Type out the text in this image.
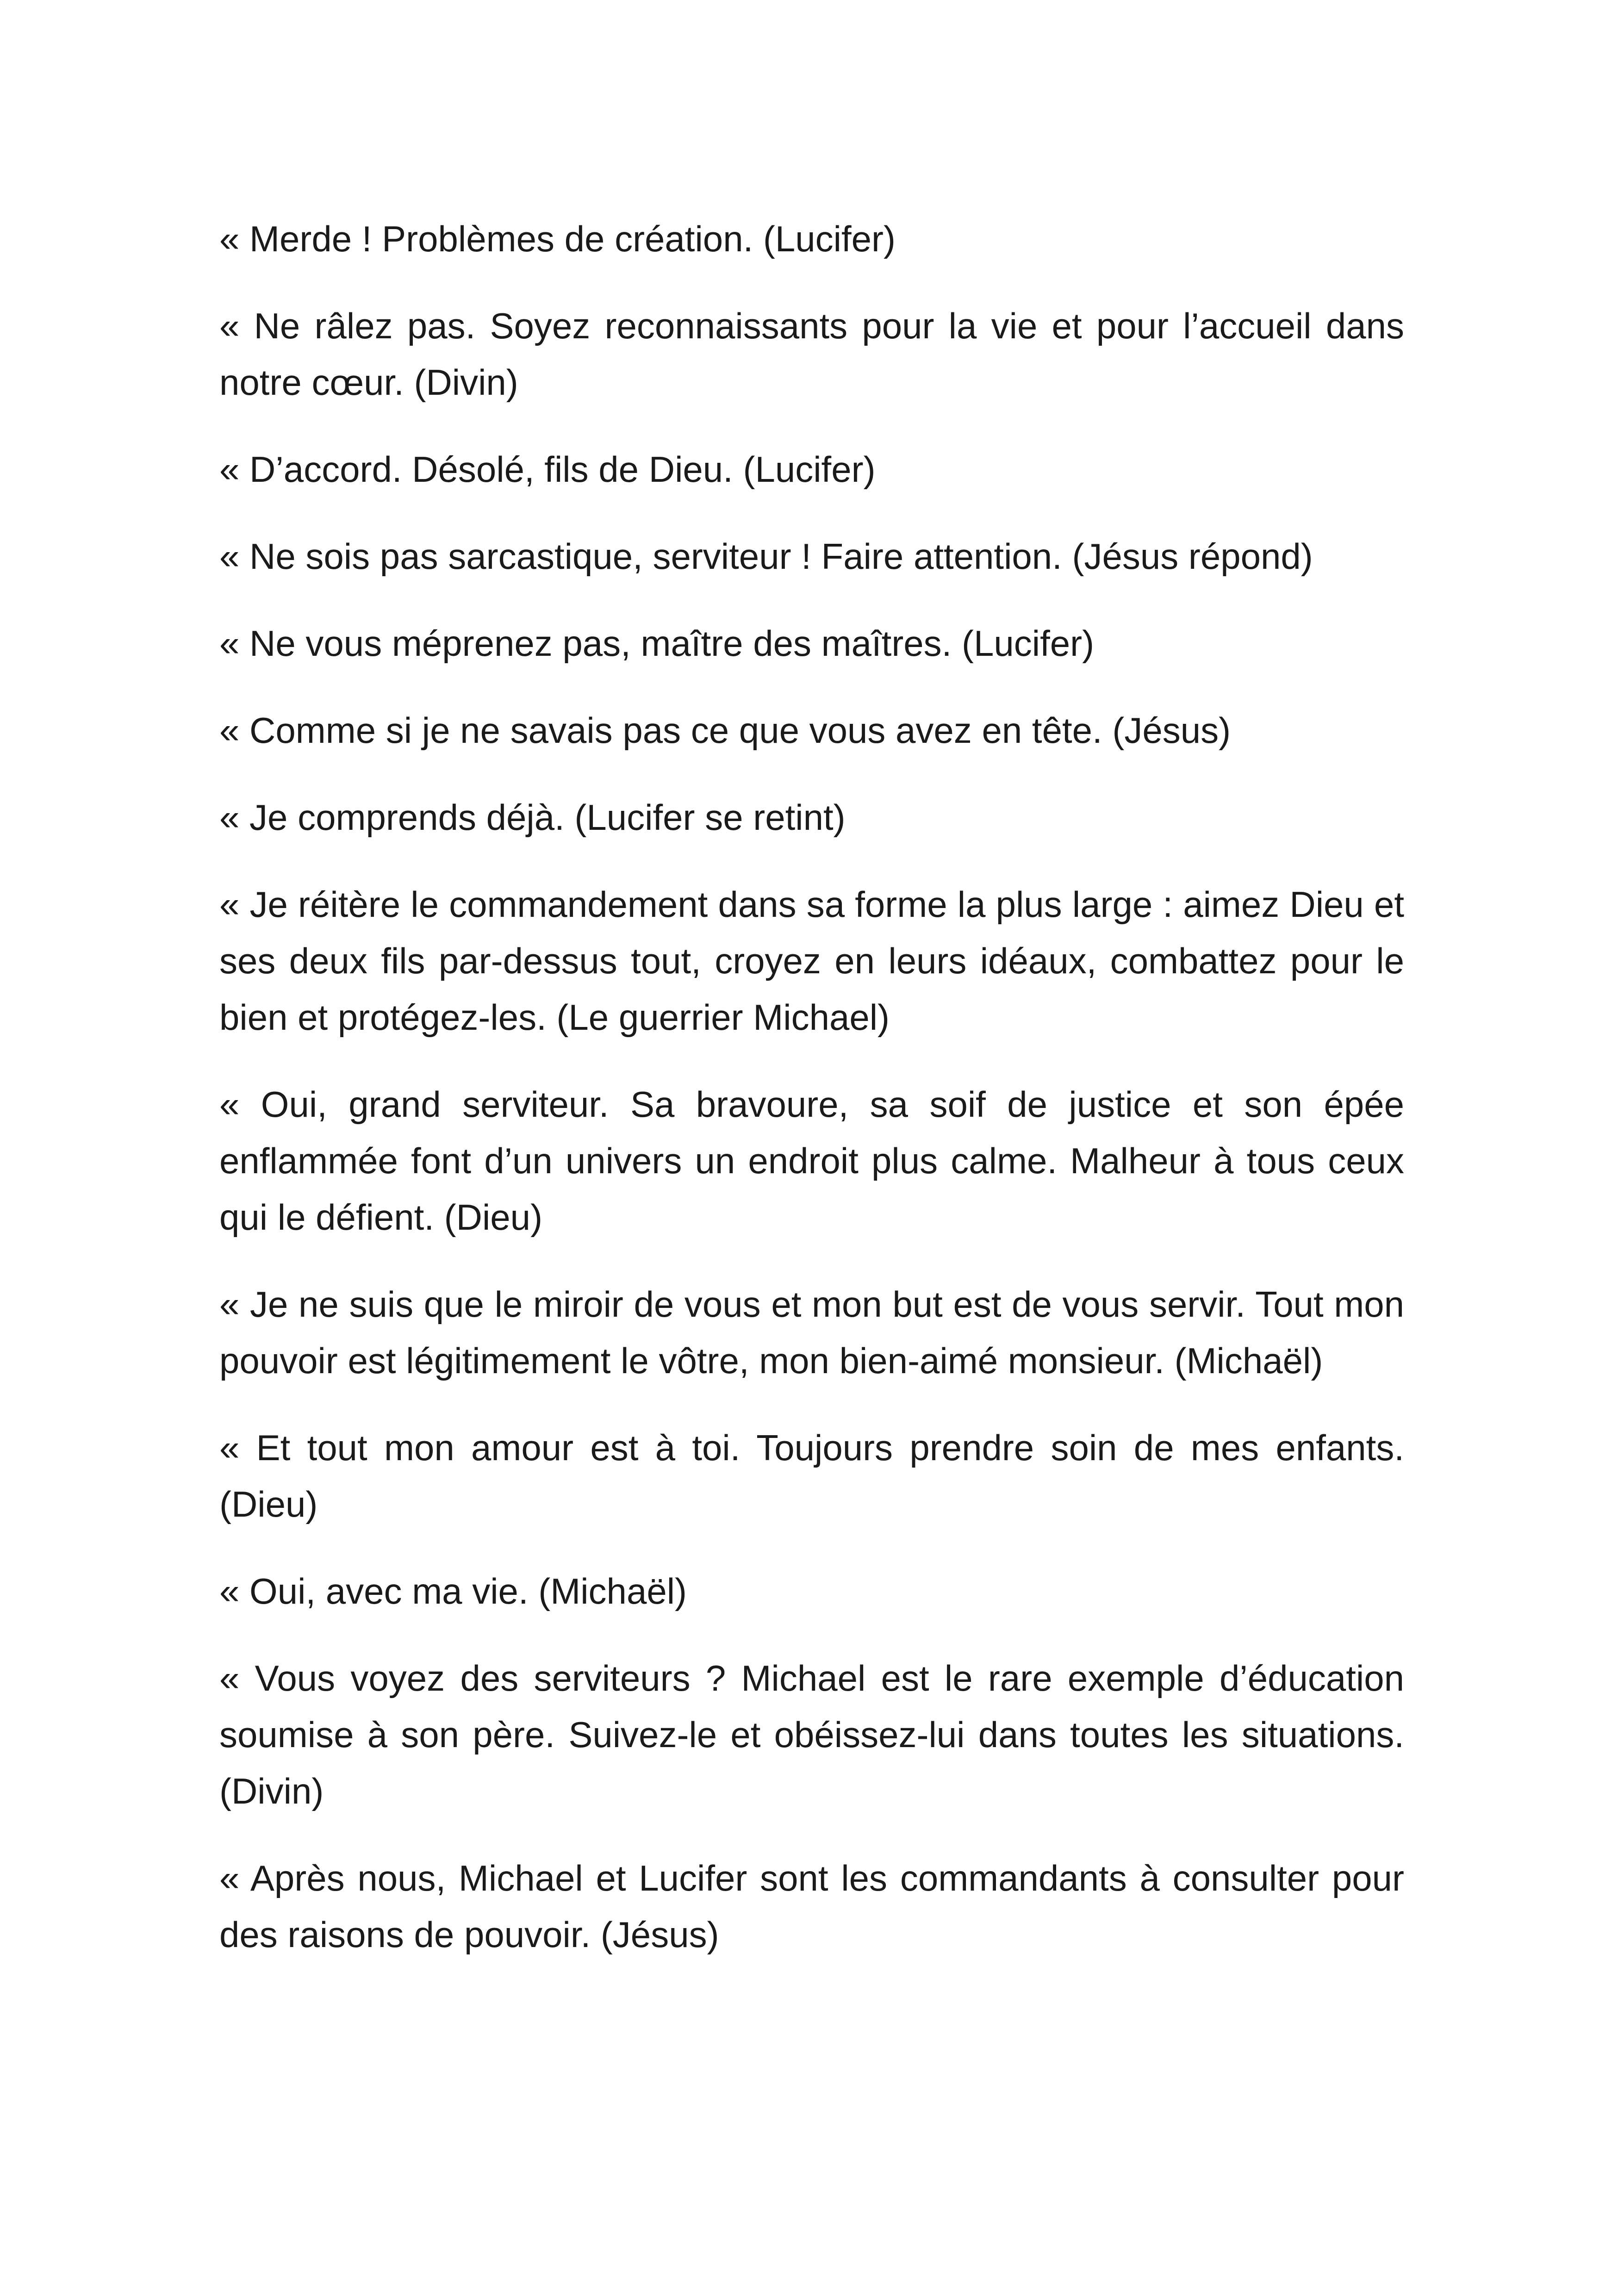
« Merde ! Problèmes de création. (Lucifer)

« Ne râlez pas. Soyez reconnaissants pour la vie et pour l’accueil dans notre cœur. (Divin)

« D’accord. Désolé, fils de Dieu. (Lucifer)

« Ne sois pas sarcastique, serviteur ! Faire attention. (Jésus répond)

« Ne vous méprenez pas, maître des maîtres. (Lucifer)

« Comme si je ne savais pas ce que vous avez en tête. (Jésus)

« Je comprends déjà. (Lucifer se retint)

« Je réitère le commandement dans sa forme la plus large : aimez Dieu et ses deux fils par-dessus tout, croyez en leurs idéaux, combattez pour le bien et protégez-les. (Le guerrier Michael)

« Oui, grand serviteur. Sa bravoure, sa soif de justice et son épée enflammée font d’un univers un endroit plus calme. Malheur à tous ceux qui le défient. (Dieu)

« Je ne suis que le miroir de vous et mon but est de vous servir. Tout mon pouvoir est légitimement le vôtre, mon bien-aimé monsieur. (Michaël)

« Et tout mon amour est à toi. Toujours prendre soin de mes enfants. (Dieu)

« Oui, avec ma vie. (Michaël)

« Vous voyez des serviteurs ? Michael est le rare exemple d’éducation soumise à son père. Suivez-le et obéissez-lui dans toutes les situations. (Divin)

« Après nous, Michael et Lucifer sont les commandants à consulter pour des raisons de pouvoir. (Jésus)
